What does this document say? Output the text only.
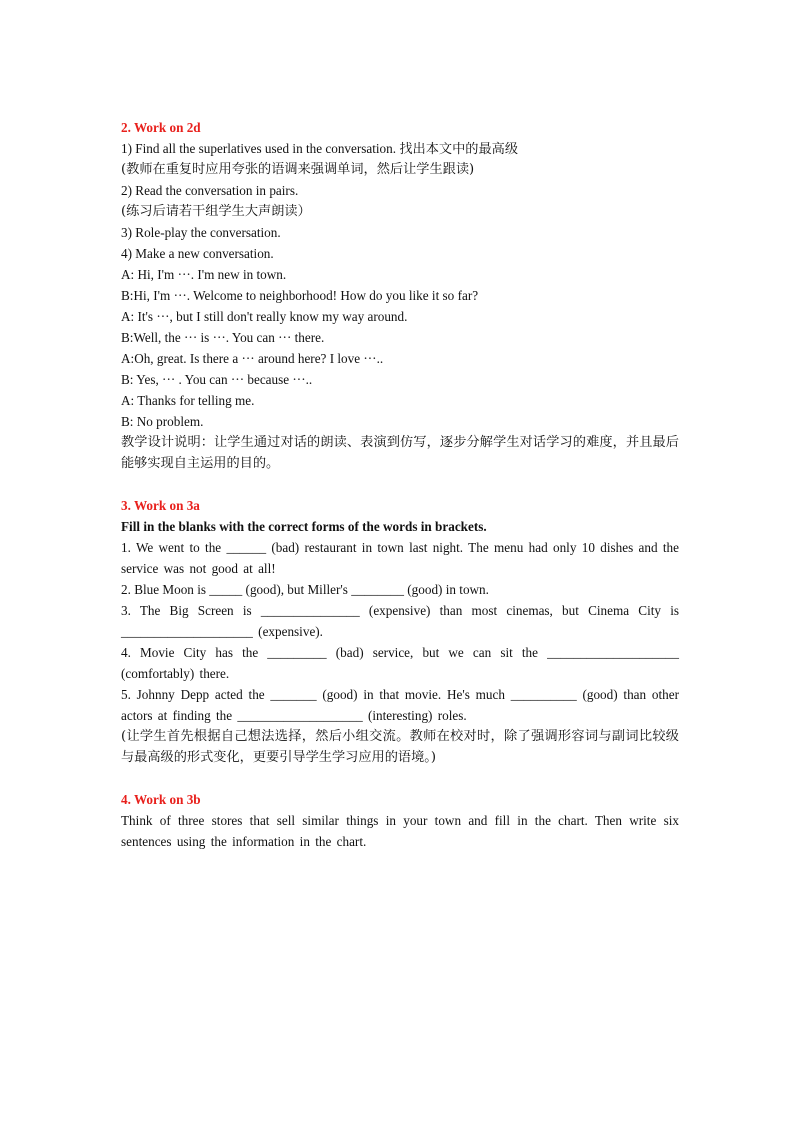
2. Work on 2d
1) Find all the superlatives used in the conversation. 找出本文中的最高级
(教师在重复时应用夸张的语调来强调单词，然后让学生跟读)
2) Read the conversation in pairs.
(练习后请若干组学生大声朗读）
3) Role-play the conversation.
4) Make a new conversation.
A: Hi, I'm ···. I'm new in town.
B:Hi, I'm ···. Welcome to neighborhood! How do you like it so far?
A: It's ···, but I still don't really know my way around.
B:Well, the ··· is ···. You can ··· there.
A:Oh, great. Is there a ··· around here? I love ···..
B: Yes, ··· . You can ··· because ···..
A: Thanks for telling me.
B: No problem.
教学设计说明：让学生通过对话的朗读、表演到仿写，逐步分解学生对话学习的难度，并且最后能够实现自主运用的目的。
3. Work on 3a
Fill in the blanks with the correct forms of the words in brackets.
1. We went to the ______ (bad) restaurant in town last night. The menu had only 10 dishes and the service was not good at all!
2. Blue Moon is _____ (good), but Miller's ________ (good) in town.
3. The Big Screen is _______________ (expensive) than most cinemas, but Cinema City is ____________________ (expensive).
4. Movie City has the _________ (bad) service, but we can sit the ____________________ (comfortably) there.
5. Johnny Depp acted the _______ (good) in that movie. He's much __________ (good) than other actors at finding the ___________________ (interesting) roles.
(让学生首先根据自己想法选择，然后小组交流。教师在校对时，除了强调形容词与副词比较级与最高级的形式变化，更要引导学生学习应用的语境。)
4. Work on 3b
Think of three stores that sell similar things in your town and fill in the chart. Then write six sentences using the information in the chart.
